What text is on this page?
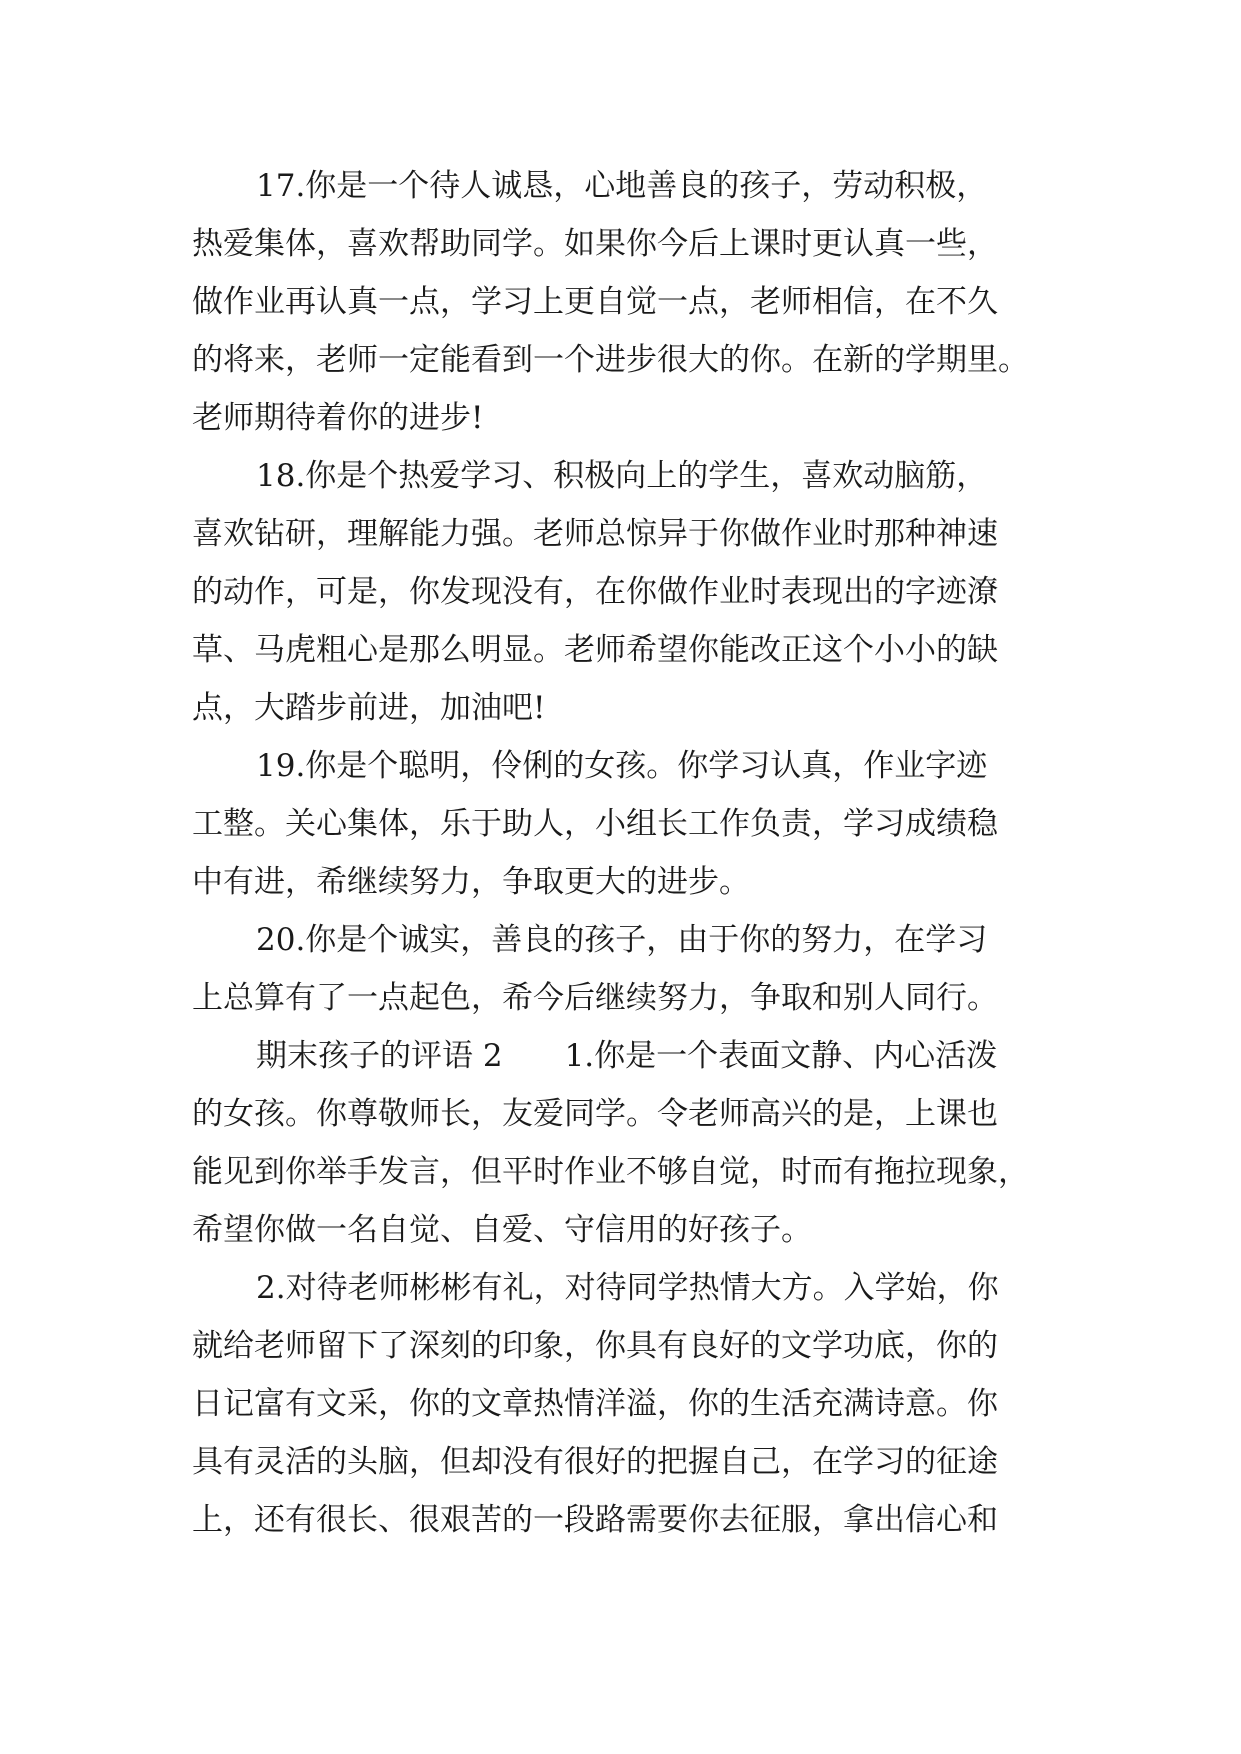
17.你是一个待人诚恳，心地善良的孩子，劳动积极，
热爱集体，喜欢帮助同学。如果你今后上课时更认真一些，
做作业再认真一点，学习上更自觉一点，老师相信，在不久
的将来，老师一定能看到一个进步很大的你。在新的学期里。
老师期待着你的进步!
18.你是个热爱学习、积极向上的学生，喜欢动脑筋，
喜欢钻研，理解能力强。老师总惊异于你做作业时那种神速
的动作，可是，你发现没有，在你做作业时表现出的字迹潦
草、马虎粗心是那么明显。老师希望你能改正这个小小的缺
点，大踏步前进，加油吧!
19.你是个聪明，伶俐的女孩。你学习认真，作业字迹
工整。关心集体，乐于助人，小组长工作负责，学习成绩稳
中有进，希继续努力，争取更大的进步。
20.你是个诚实，善良的孩子，由于你的努力，在学习
上总算有了一点起色，希今后继续努力，争取和别人同行。
期末孩子的评语 2　　1.你是一个表面文静、内心活泼
的女孩。你尊敬师长，友爱同学。令老师高兴的是，上课也
能见到你举手发言，但平时作业不够自觉，时而有拖拉现象，
希望你做一名自觉、自爱、守信用的好孩子。
2.对待老师彬彬有礼，对待同学热情大方。入学始，你
就给老师留下了深刻的印象，你具有良好的文学功底，你的
日记富有文采，你的文章热情洋溢，你的生活充满诗意。你
具有灵活的头脑，但却没有很好的把握自己，在学习的征途
上，还有很长、很艰苦的一段路需要你去征服，拿出信心和
